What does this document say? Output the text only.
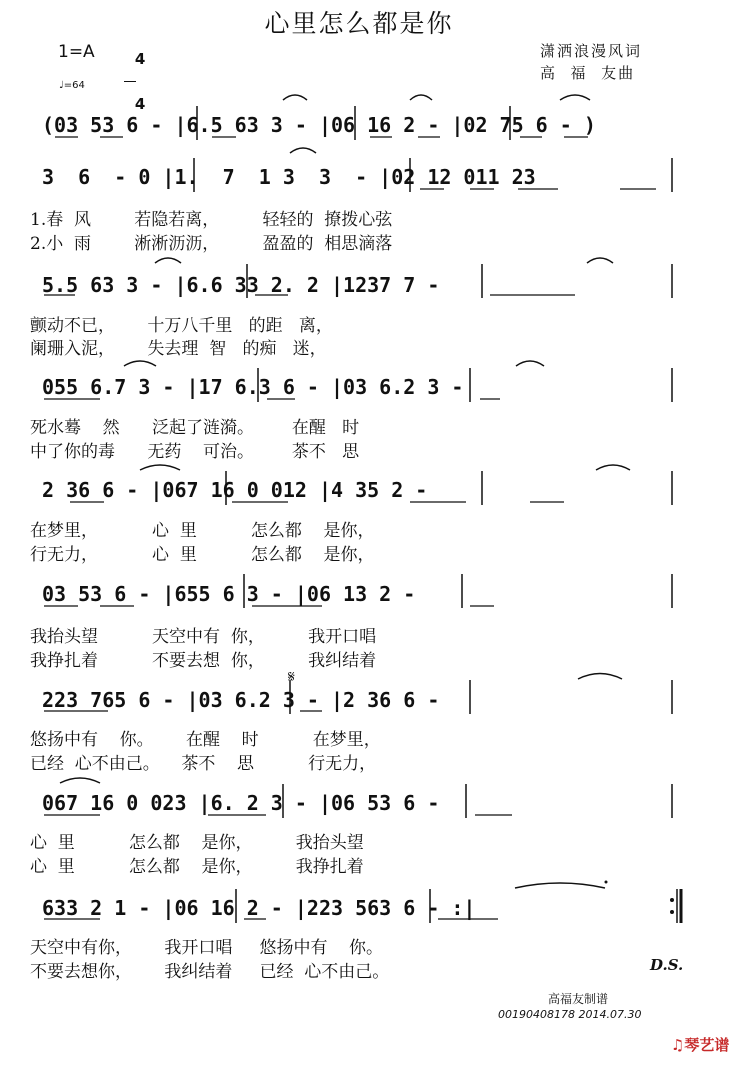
心里怎么都是你
1=A	4

4

♩=64
潇洒浪漫风词
高  福  友曲
(03 53 6 - |6.5 63 3 - |06 16 2 - |02 75 6 - )
3  6  - 0 |1.  7  1 3  3  - |02 12 011 23
1.春  风        若隐若离，        轻轻的  撩拨心弦
2.小  雨        淅淅沥沥，        盈盈的  相思滴落
5.5 63 3 - |6.6 33 2. 2 |1237 7 -
颤动不已，      十万八千里   的距   离，
阑珊入泥，      失去理  智   的痴   迷，
055 6.7 3 - |17 6.3 6 - |03 6.2 3 -
死水蓦    然      泛起了涟漪。       在醒   时
中了你的毒      无药    可治。       茶不   思
2 36 6 - |067 16 0 012 |4 35 2 -
在梦里，          心  里          怎么都    是你，
行无力，          心  里          怎么都    是你，
03 53 6 - |655 6 3 - |06 13 2 -
我抬头望          天空中有  你，        我开口唱
我挣扎着          不要去想  你，        我纠结着
223 765 6 - |03 6.2 3 - |2 36 6 -
悠扬中有    你。      在醒    时          在梦里，
已经  心不由己。    茶不    思          行无力，
067 16 0 023 |6. 2 3 - |06 53 6 -
心  里          怎么都    是你，        我抬头望
心  里          怎么都    是你，        我挣扎着
633 2 1 - |06 16 2 - |223 563 6 - :|
天空中有你，      我开口唱     悠扬中有    你。
不要去想你，      我纠结着     已经  心不由己。	D.S.
高福友制谱
00190408178 2014.07.30

♫琴艺谱

𝄋
